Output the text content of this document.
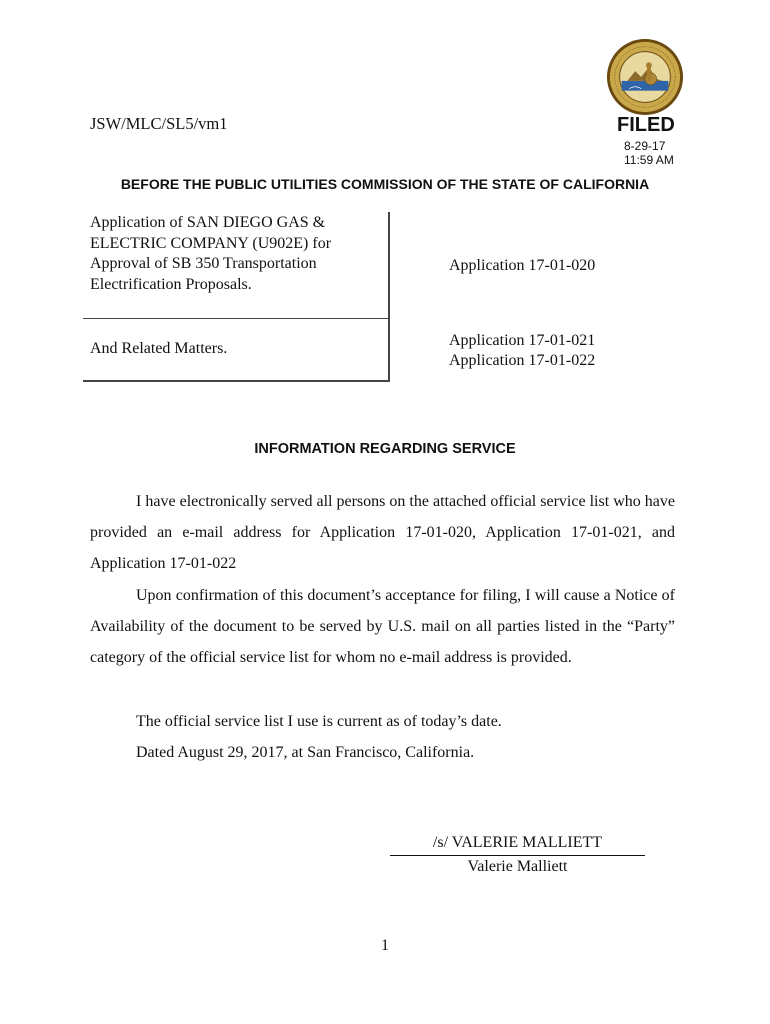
JSW/MLC/SL5/vm1	FILED
8-29-17
11:59 AM
BEFORE THE PUBLIC UTILITIES COMMISSION OF THE STATE OF CALIFORNIA
Application of SAN DIEGO GAS & ELECTRIC COMPANY (U902E) for Approval of SB 350 Transportation Electrification Proposals.
Application 17-01-020
And Related Matters.	Application 17-01-021
Application 17-01-022
INFORMATION REGARDING SERVICE
I have electronically served all persons on the attached official service list who have provided an e-mail address for Application 17-01-020, Application 17-01-021, and Application 17-01-022
Upon confirmation of this document’s acceptance for filing, I will cause a Notice of Availability of the document to be served by U.S. mail on all parties listed in the “Party” category of the official service list for whom no e-mail address is provided.
The official service list I use is current as of today’s date.
Dated August 29, 2017, at San Francisco, California.
/s/ VALERIE MALLIETT
Valerie Malliett
1
